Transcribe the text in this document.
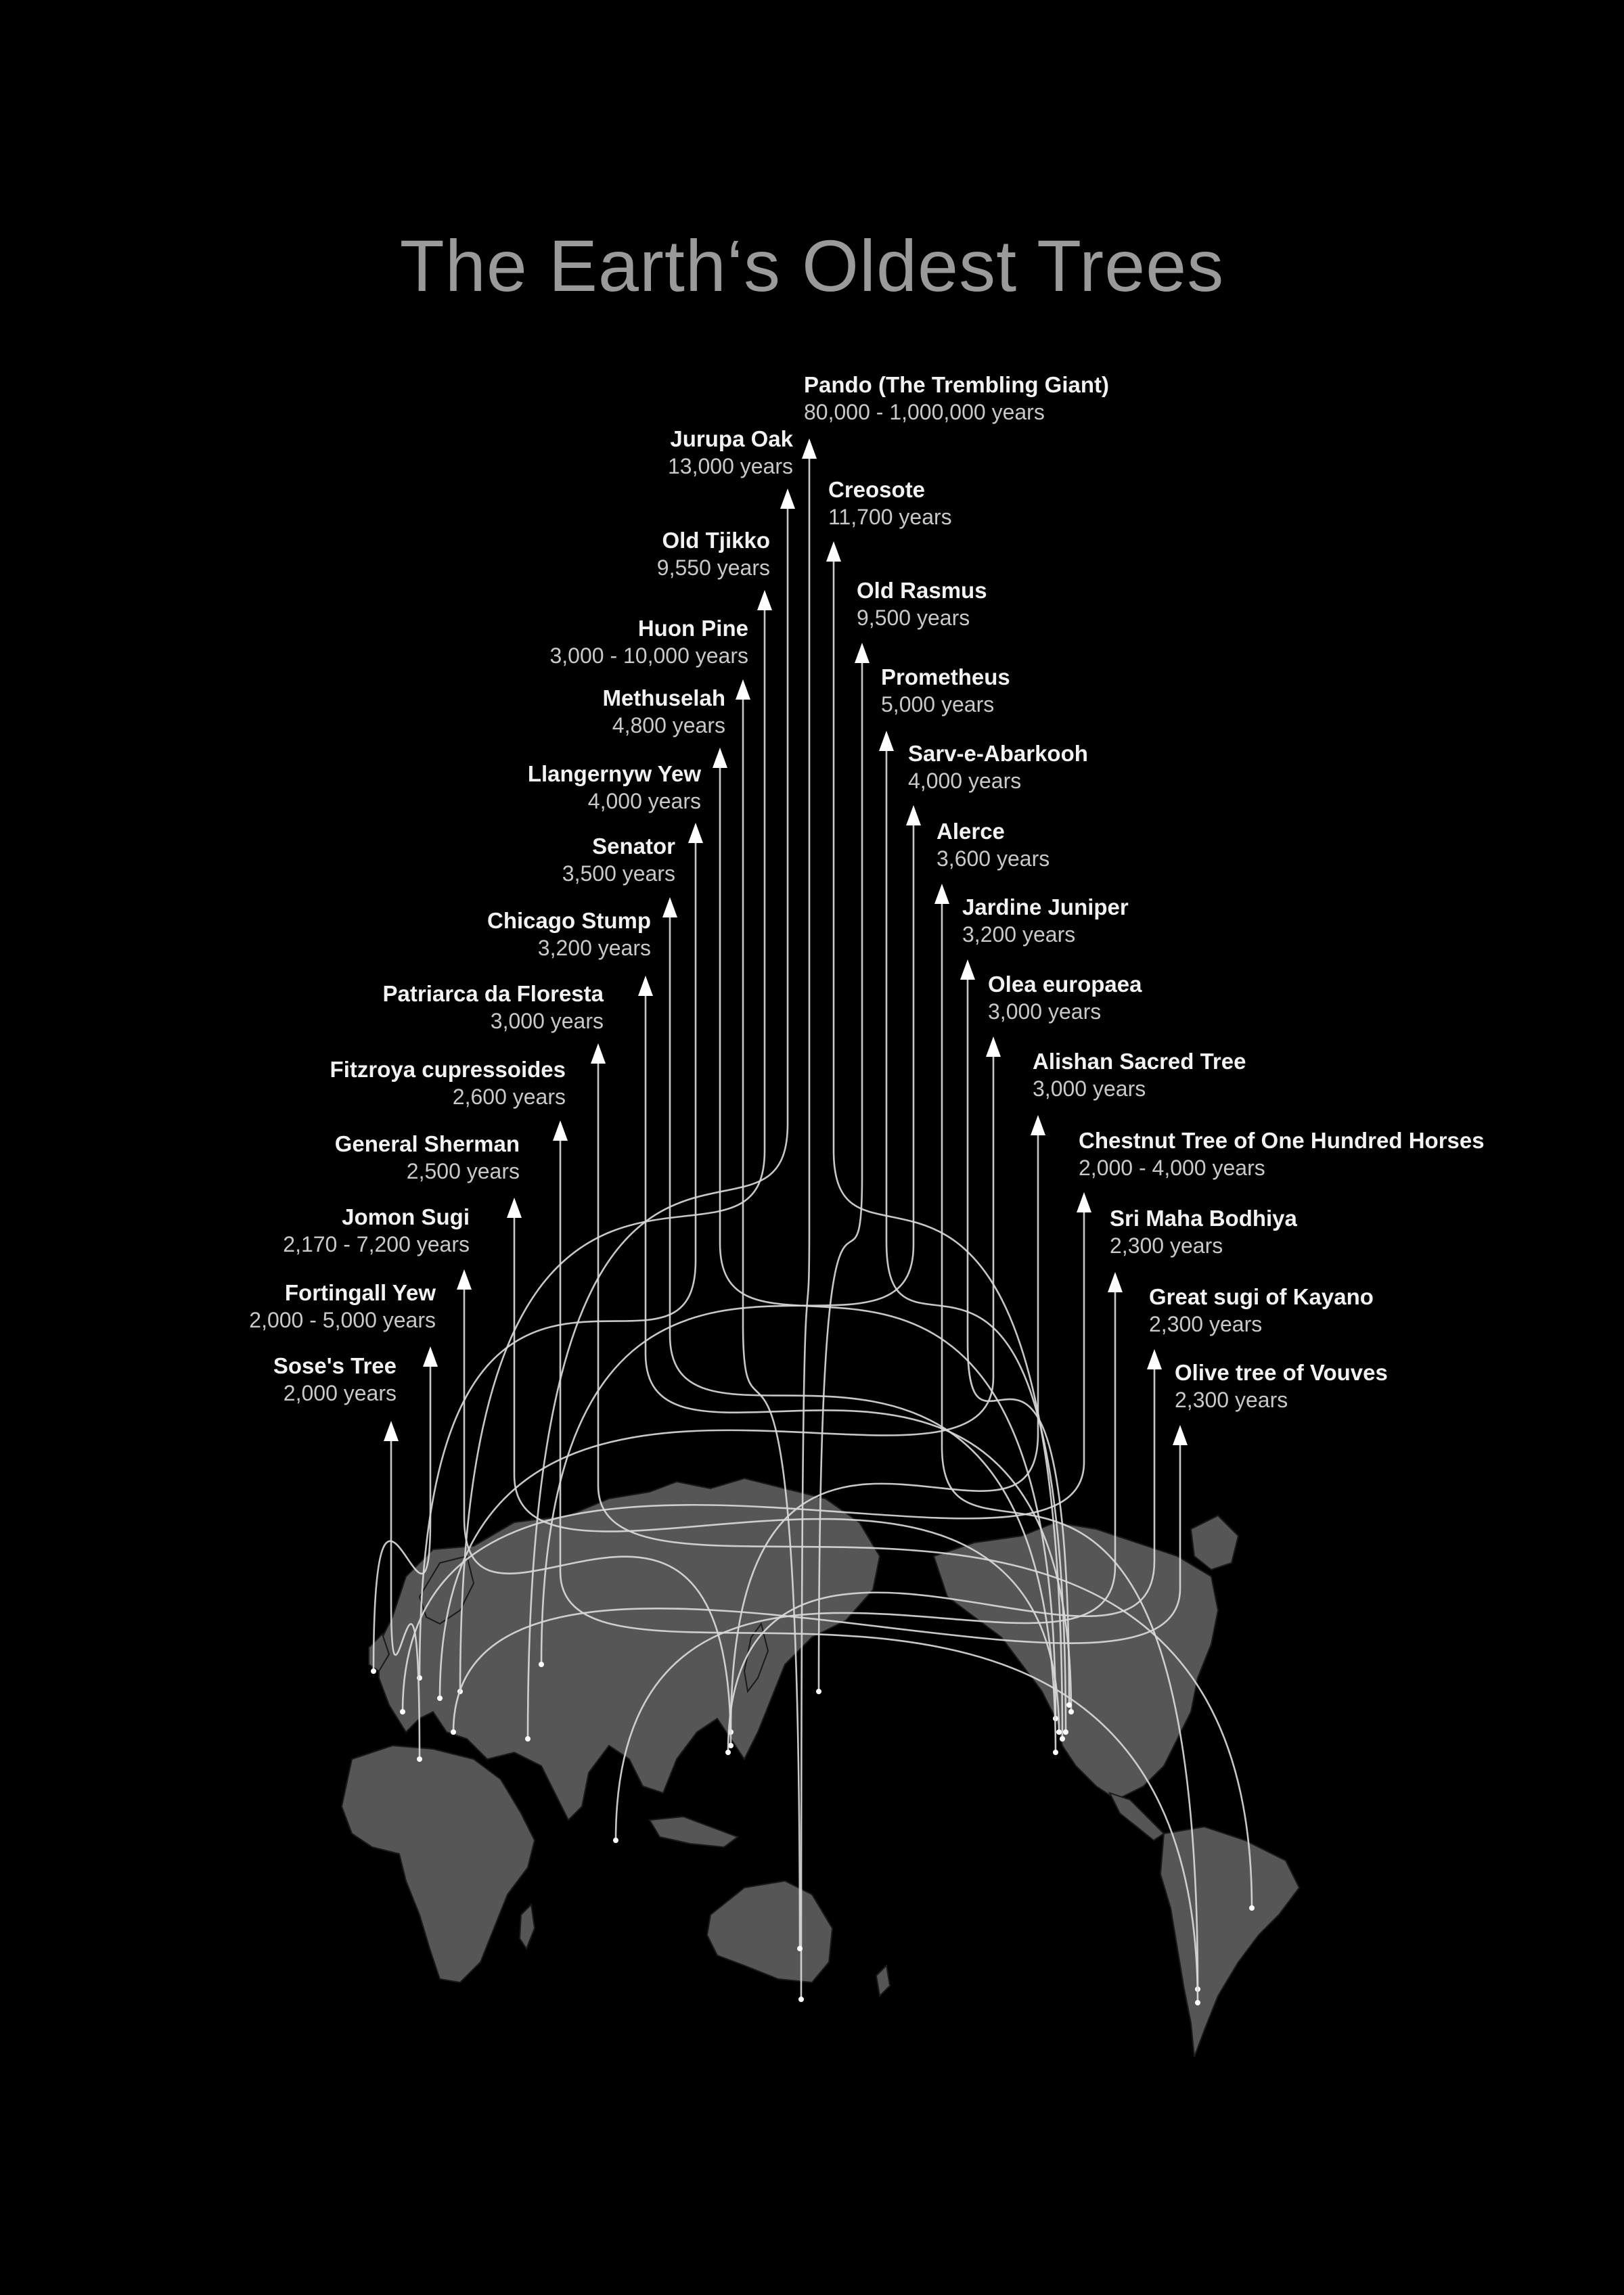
The Earth‘s Oldest Trees
Pando (The Trembling Giant)
80,000 - 1,000,000 years
Jurupa Oak
13,000 years
Creosote
11,700 years
Old Tjikko
9,550 years
Old Rasmus
9,500 years
Huon Pine
3,000 - 10,000 years
Methuselah
4,800 years
Prometheus
5,000 years
Sarv-e-Abarkooh
4,000 years
Llangernyw Yew
4,000 years
Senator
3,500 years
Alerce
3,600 years
Chicago Stump
3,200 years
Jardine Juniper
3,200 years
Olea europaea
3,000 years
Patriarca da Floresta
3,000 years
Alishan Sacred Tree
3,000 years
Fitzroya cupressoides
2,600 years
Chestnut Tree of One Hundred Horses
2,000 - 4,000 years
General Sherman
2,500 years
Sri Maha Bodhiya
2,300 years
Jomon Sugi
2,170 - 7,200 years
Great sugi of Kayano
2,300 years
Fortingall Yew
2,000 - 5,000 years
Olive tree of Vouves
2,300 years
Sose's Tree
2,000 years
